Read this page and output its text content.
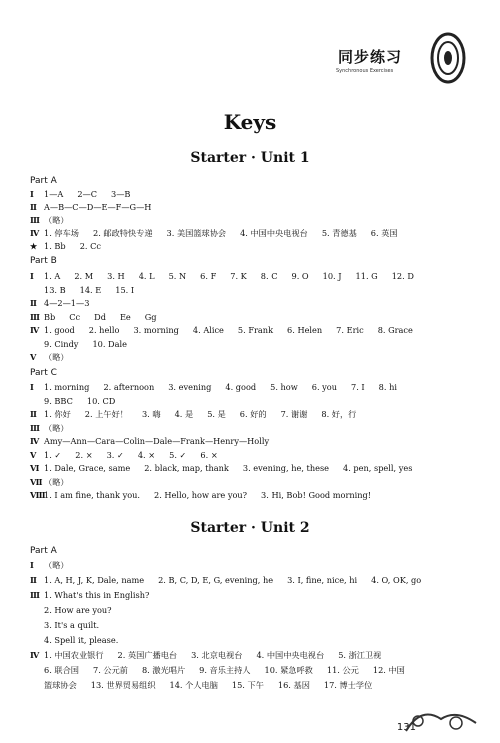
同步练习
Synchronous Exercises
Keys
Starter · Unit 1
Part A
Ⅰ 1—A 2—C 3—B
Ⅱ A—B—C—D—E—F—G—H
Ⅲ （略）
Ⅳ 1. 停车场 2. 邮政特快专递 3. 美国篮球协会 4. 中国中央电视台 5. 青德基 6. 英国
★ 1. Bb 2. Cc
Part B
Ⅰ 1. A 2. M 3. H 4. L 5. N 6. F 7. K 8. C 9. O 10. J 11. G 12. D
13. B 14. E 15. I
Ⅱ 4—2—1—3
Ⅲ Bb Cc Dd Ee Gg
Ⅳ 1. good 2. hello 3. morning 4. Alice 5. Frank 6. Helen 7. Eric 8. Grace
9. Cindy 10. Dale
Ⅴ （略）
Part C
Ⅰ 1. morning 2. afternoon 3. evening 4. good 5. how 6. you 7. I 8. hi
9. BBC 10. CD
Ⅱ 1. 你好 2. 上午好！ 3. 嗨 4. 是 5. 是 6. 好的 7. 谢谢 8. 好，行
Ⅲ （略）
Ⅳ Amy—Ann—Cara—Colin—Dale—Frank—Henry—Holly
Ⅴ 1. ✓ 2. × 3. ✓ 4. × 5. ✓ 6. ×
Ⅵ 1. Dale, Grace, same 2. black, map, thank 3. evening, he, these 4. pen, spell, yes
Ⅶ （略）
Ⅷ1. I am fine, thank you. 2. Hello, how are you? 3. Hi, Bob! Good morning!
Starter · Unit 2
Part A
Ⅰ （略）
Ⅱ 1. A, H, J, K, Dale, name 2. B, C, D, E, G, evening, he 3. I, fine, nice, hi 4. O, OK, go
Ⅲ 1. What's this in English?
2. How are you?
3. It's a quilt.
4. Spell it, please.
Ⅳ 1. 中国农业银行 2. 英国广播电台 3. 北京电视台 4. 中国中央电视台 5. 浙江卫视
6. 联合国 7. 公元前 8. 激光唱片 9. 音乐主持人 10. 紧急呼救 11. 公元 12. 中国
篮球协会 13. 世界贸易组织 14. 个人电脑 15. 下午 16. 基因 17. 博士学位
131
